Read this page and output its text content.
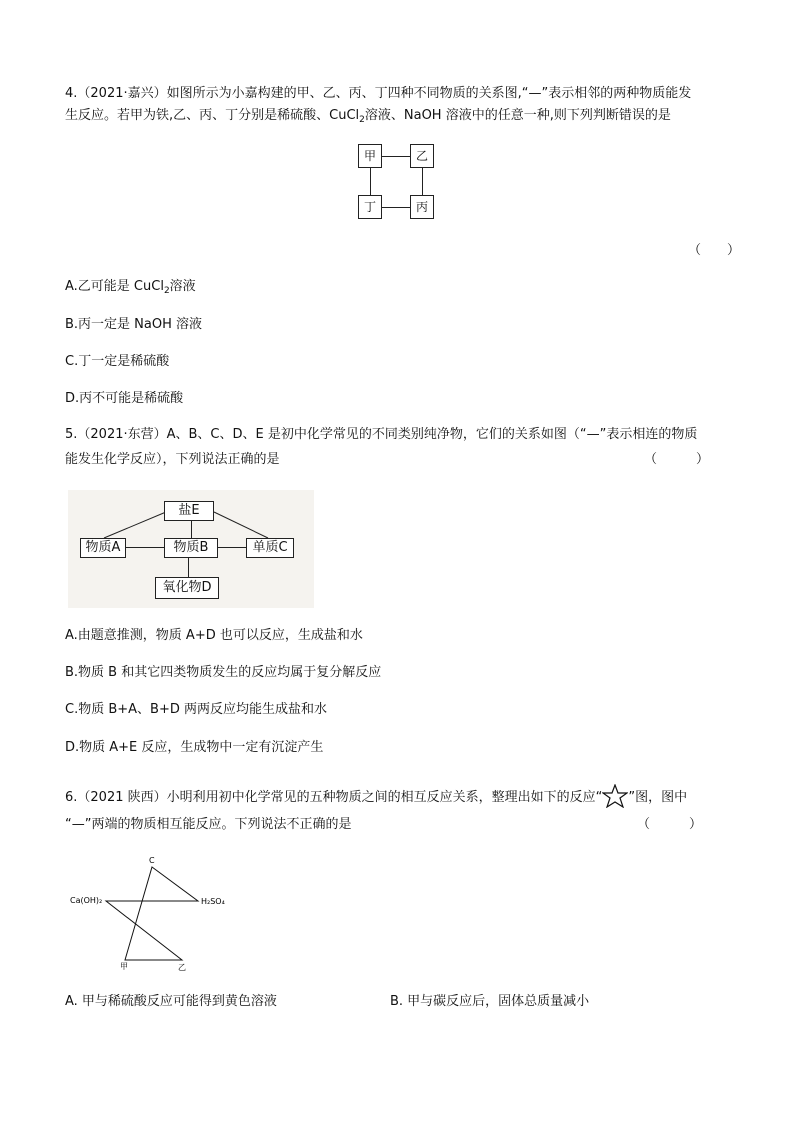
4.（2021·嘉兴）如图所示为小嘉构建的甲、乙、丙、丁四种不同物质的关系图,“—”表示相邻的两种物质能发
生反应。若甲为铁,乙、丙、丁分别是稀硫酸、CuCl$_2$溶液、NaOH 溶液中的任意一种,则下列判断错误的是
甲	乙
丁	丙
（　　）
A.乙可能是 CuCl$_2$溶液
B.丙一定是 NaOH 溶液
C.丁一定是稀硫酸
D.丙不可能是稀硫酸
5.（2021·东营）A、B、C、D、E 是初中化学常见的不同类别纯净物，它们的关系如图（“—”表示相连的物质
能发生化学反应），下列说法正确的是	（　　　）
盐E
物质A	物质B	单质C
氧化物D
A.由题意推测，物质 A+D 也可以反应，生成盐和水
B.物质 B 和其它四类物质发生的反应均属于复分解反应
C.物质 B+A、B+D 两两反应均能生成盐和水
D.物质 A+E 反应，生成物中一定有沉淀产生
6.（2021 陕西）小明利用初中化学常见的五种物质之间的相互反应关系，整理出如下的反应“ ”图，图中
“—”两端的物质相互能反应。下列说法不正确的是	（　　　）
C
Ca(OH)₂	H₂SO₄
甲	乙
A. 甲与稀硫酸反应可能得到黄色溶液	B. 甲与碳反应后，固体总质量减小
